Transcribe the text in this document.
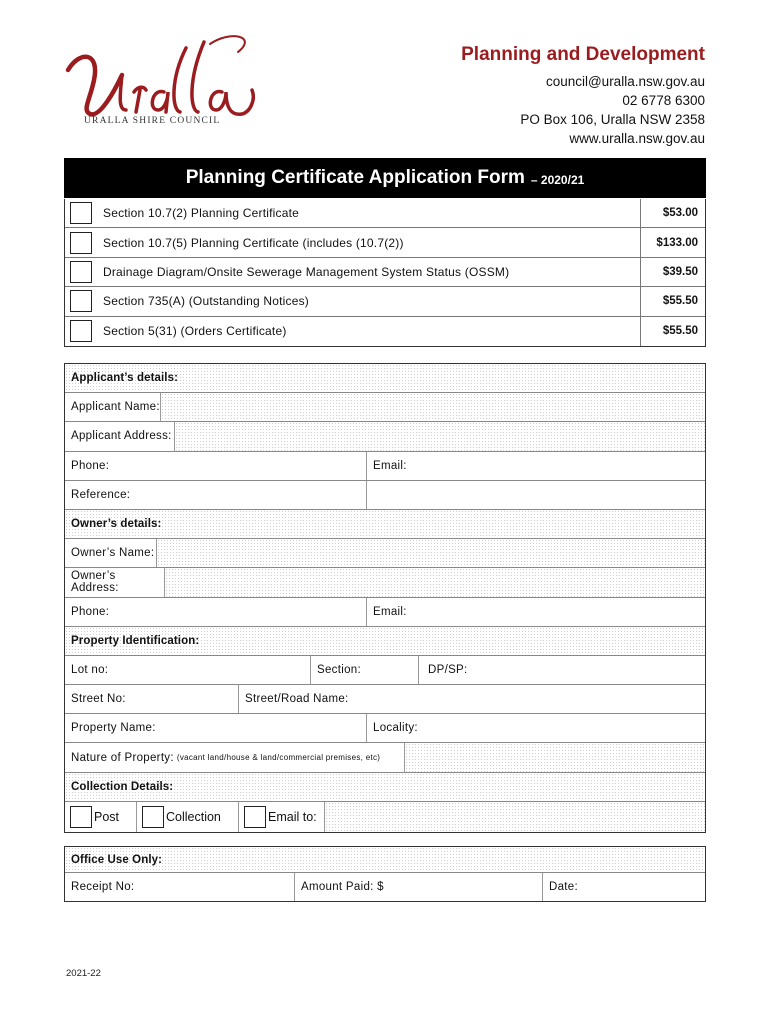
URALLA SHIRE COUNCIL
Planning and Development
council@uralla.nsw.gov.au
02 6778 6300
PO Box 106, Uralla NSW 2358
www.uralla.nsw.gov.au
Planning Certificate Application Form – 2020/21
Section 10.7(2) Planning Certificate	$53.00
Section 10.7(5) Planning Certificate (includes (10.7(2))	$133.00
Drainage Diagram/Onsite Sewerage Management System Status (OSSM)	$39.50
Section 735(A) (Outstanding Notices)	$55.50
Section 5(31) (Orders Certificate)	$55.50
Applicant’s details:
Applicant Name:
Applicant Address:
Phone:	Email:
Reference:
Owner’s details:
Owner’s Name:
Owner’s Address:
Phone:	Email:
Property Identification:
Lot no:	Section:	DP/SP:
Street No:	Street/Road Name:
Property Name:	Locality:
Nature of Property: (vacant land/house & land/commercial premises, etc)
Collection Details:
Post	Collection	Email to:
Office Use Only:
Receipt No:	Amount Paid: $	Date:
2021-22
